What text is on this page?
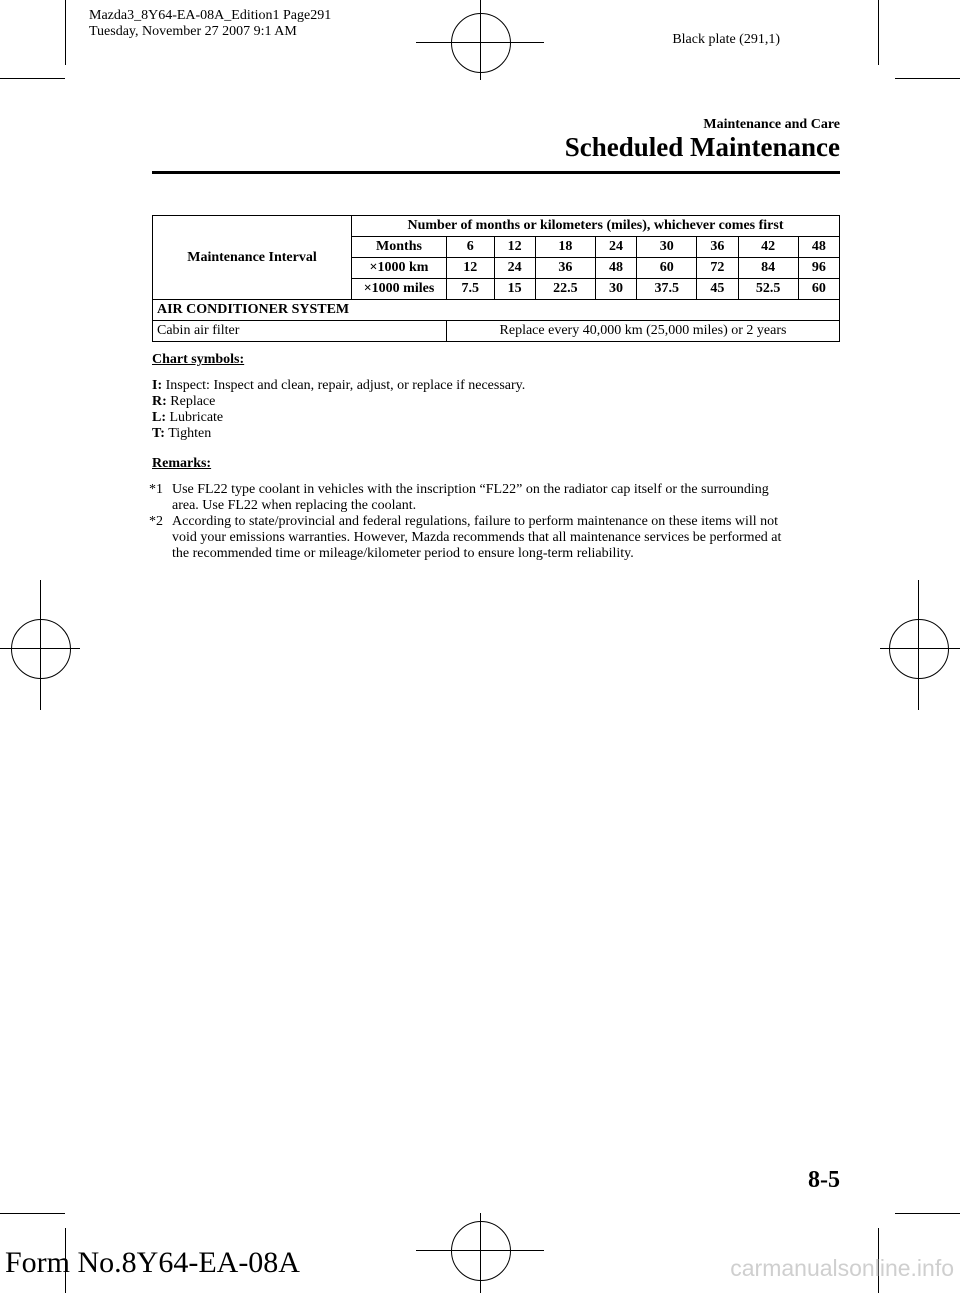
Mazda3_8Y64-EA-08A_Edition1 Page291
Tuesday, November 27 2007 9:1 AM
Black plate (291,1)
Maintenance and Care
Scheduled Maintenance
Maintenance Interval	Number of months or kilometers (miles), whichever comes first								
	Months	6	12	18	24	30	36	42	48
	×1000 km	12	24	36	48	60	72	84	96
	×1000 miles	7.5	15	22.5	30	37.5	45	52.5	60
AIR CONDITIONER SYSTEM									
Cabin air filter		Replace every 40,000 km (25,000 miles) or 2 years							
Chart symbols:
I: Inspect: Inspect and clean, repair, adjust, or replace if necessary.
R: Replace
L: Lubricate
T: Tighten
Remarks:
*1 Use FL22 type coolant in vehicles with the inscription “FL22” on the radiator cap itself or the surrounding
area. Use FL22 when replacing the coolant.
*2 According to state/provincial and federal regulations, failure to perform maintenance on these items will not
void your emissions warranties. However, Mazda recommends that all maintenance services be performed at
the recommended time or mileage/kilometer period to ensure long-term reliability.
8-5
Form No.8Y64-EA-08A	carmanualsonline.info
